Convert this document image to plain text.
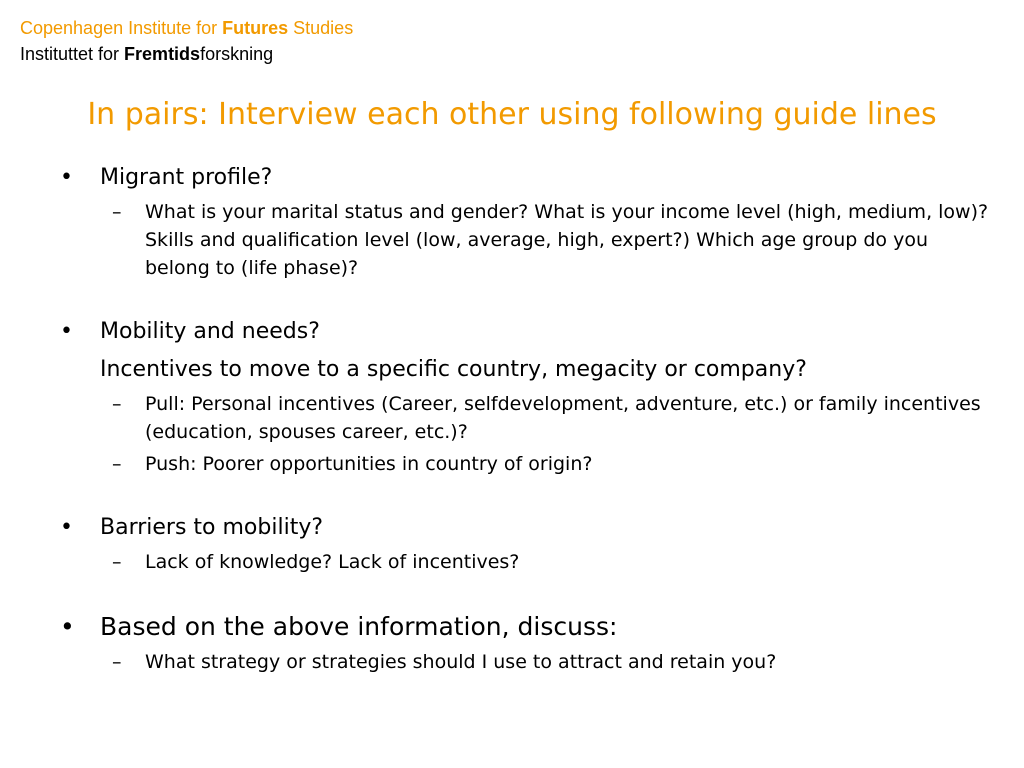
Copenhagen Institute for Futures Studies
Instituttet for Fremtidsforskning
In pairs: Interview each other using following guide lines
•	Migrant profile?
– What is your marital status and gender? What is your income level (high, medium, low)? Skills and qualification level (low, average, high, expert?) Which age group do you belong to (life phase)?
•	Mobility and needs?
Incentives to move to a specific country, megacity or company?
– Pull: Personal incentives (Career, selfdevelopment, adventure, etc.) or family incentives (education, spouses career, etc.)?
– Push: Poorer opportunities in country of origin?
•	Barriers to mobility?
– Lack of knowledge? Lack of incentives?
• Based on the above information, discuss:
– What strategy or strategies should I use to attract and retain you?
